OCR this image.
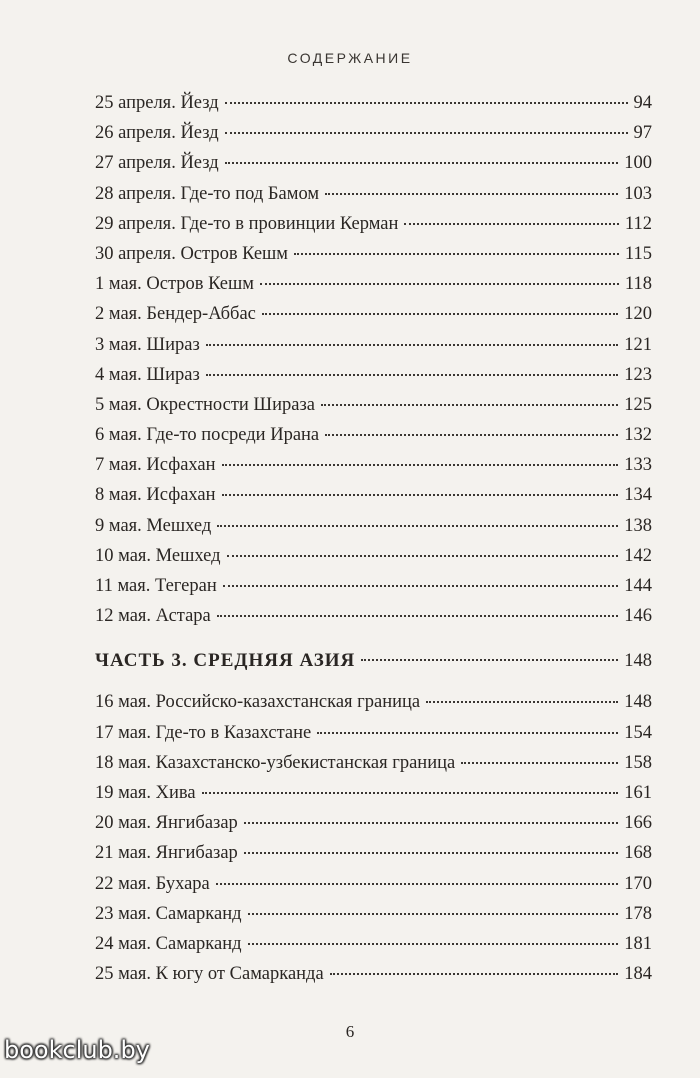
СОДЕРЖАНИЕ
25 апреля. Йезд	94
26 апреля. Йезд	97
27 апреля. Йезд	100
28 апреля. Где-то под Бамом	103
29 апреля. Где-то в провинции Керман	112
30 апреля. Остров Кешм	115
1 мая. Остров Кешм	118
2 мая. Бендер-Аббас	120
3 мая. Шираз	121
4 мая. Шираз	123
5 мая. Окрестности Шираза	125
6 мая. Где-то посреди Ирана	132
7 мая. Исфахан	133
8 мая. Исфахан	134
9 мая. Мешхед	138
10 мая. Мешхед	142
11 мая. Тегеран	144
12 мая. Астара	146
ЧАСТЬ 3. СРЕДНЯЯ АЗИЯ	148
16 мая. Российско-казахстанская граница	148
17 мая. Где-то в Казахстане	154
18 мая. Казахстанско-узбекистанская граница	158
19 мая. Хива	161
20 мая. Янгибазар	166
21 мая. Янгибазар	168
22 мая. Бухара	170
23 мая. Самарканд	178
24 мая. Самарканд	181
25 мая. К югу от Самарканда	184
6
bookclub.by
